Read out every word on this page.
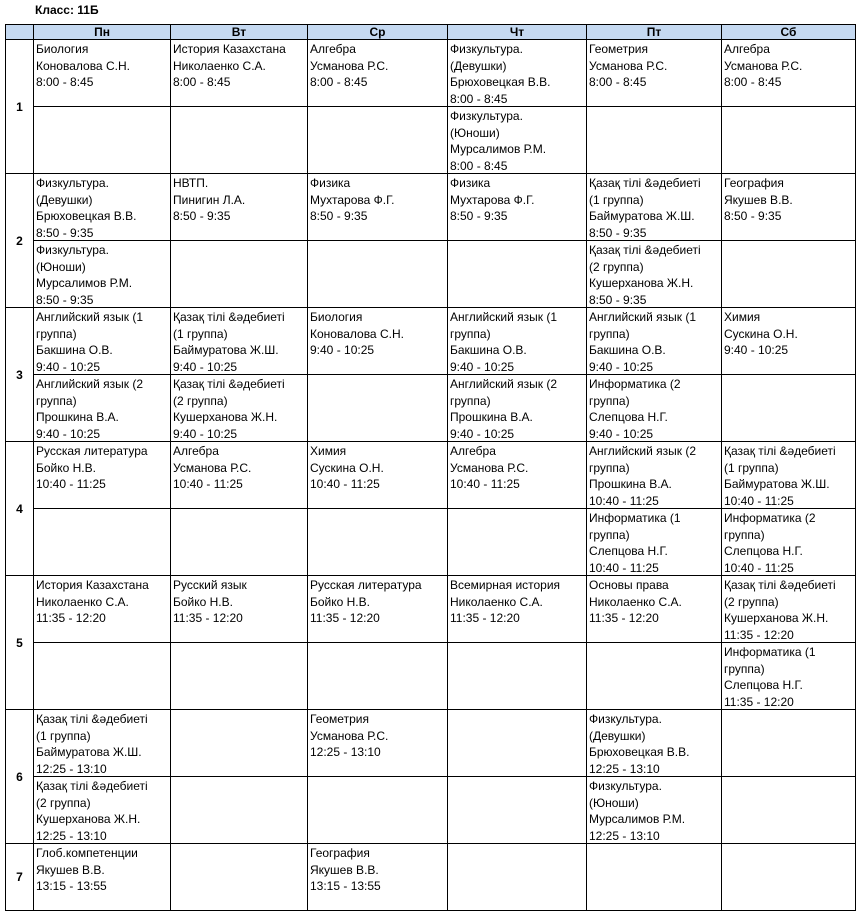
Класс: 11Б
	Пн	Вт	Ср	Чт	Пт	Сб
1	Биология
Коновалова С.Н.
8:00 - 8:45	История Казахстана
Николаенко С.А.
8:00 - 8:45	Алгебра
Усманова Р.С.
8:00 - 8:45	Физкультура.
(Девушки)
Брюховецкая В.В.
8:00 - 8:45	Геометрия
Усманова Р.С.
8:00 - 8:45	Алгебра
Усманова Р.С.
8:00 - 8:45

				Физкультура.
(Юноши)
Мурсалимов Р.М.
8:00 - 8:45		

2	Физкультура.
(Девушки)
Брюховецкая В.В.
8:50 - 9:35	НВТП.
Пинигин Л.А.
8:50 - 9:35	Физика
Мухтарова Ф.Г.
8:50 - 9:35	Физика
Мухтарова Ф.Г.
8:50 - 9:35	Қазақ тілі &әдебиеті
(1 группа)
Баймуратова Ж.Ш.
8:50 - 9:35	География
Якушев В.В.
8:50 - 9:35

	Физкультура.
(Юноши)
Мурсалимов Р.М.
8:50 - 9:35				Қазақ тілі &әдебиеті
(2 группа)
Кушерханова Ж.Н.
8:50 - 9:35	

3	Английский язык (1
группа)
Бакшина О.В.
9:40 - 10:25	Қазақ тілі &әдебиеті
(1 группа)
Баймуратова Ж.Ш.
9:40 - 10:25	Биология
Коновалова С.Н.
9:40 - 10:25	Английский язык (1
группа)
Бакшина О.В.
9:40 - 10:25	Английский язык (1
группа)
Бакшина О.В.
9:40 - 10:25	Химия
Сускина О.Н.
9:40 - 10:25

	Английский язык (2
группа)
Прошкина В.А.
9:40 - 10:25	Қазақ тілі &әдебиеті
(2 группа)
Кушерханова Ж.Н.
9:40 - 10:25		Английский язык (2
группа)
Прошкина В.А.
9:40 - 10:25	Информатика (2
группа)
Слепцова Н.Г.
9:40 - 10:25	

4	Русская литература
Бойко Н.В.
10:40 - 11:25	Алгебра
Усманова Р.С.
10:40 - 11:25	Химия
Сускина О.Н.
10:40 - 11:25	Алгебра
Усманова Р.С.
10:40 - 11:25	Английский язык (2
группа)
Прошкина В.А.
10:40 - 11:25	Қазақ тілі &әдебиеті
(1 группа)
Баймуратова Ж.Ш.
10:40 - 11:25

					Информатика (1
группа)
Слепцова Н.Г.
10:40 - 11:25	Информатика (2
группа)
Слепцова Н.Г.
10:40 - 11:25

5	История Казахстана
Николаенко С.А.
11:35 - 12:20	Русский язык
Бойко Н.В.
11:35 - 12:20	Русская литература
Бойко Н.В.
11:35 - 12:20	Всемирная история
Николаенко С.А.
11:35 - 12:20	Основы права
Николаенко С.А.
11:35 - 12:20	Қазақ тілі &әдебиеті
(2 группа)
Кушерханова Ж.Н.
11:35 - 12:20

						Информатика (1
группа)
Слепцова Н.Г.
11:35 - 12:20

6	Қазақ тілі &әдебиеті
(1 группа)
Баймуратова Ж.Ш.
12:25 - 13:10		Геометрия
Усманова Р.С.
12:25 - 13:10		Физкультура.
(Девушки)
Брюховецкая В.В.
12:25 - 13:10	

	Қазақ тілі &әдебиеті
(2 группа)
Кушерханова Ж.Н.
12:25 - 13:10				Физкультура.
(Юноши)
Мурсалимов Р.М.
12:25 - 13:10	

7	Глоб.компетенции
Якушев В.В.
13:15 - 13:55		География
Якушев В.В.
13:15 - 13:55			
